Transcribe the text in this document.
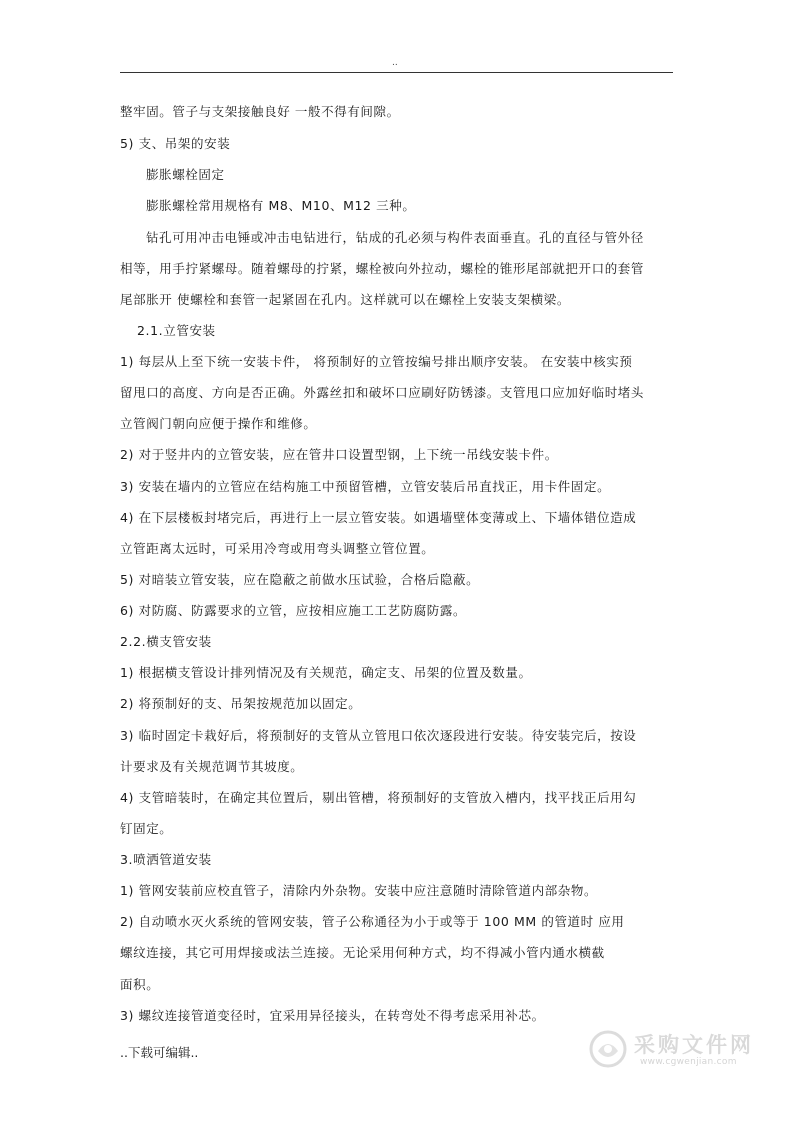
..
整牢固。管子与支架接触良好 一般不得有间隙。
5) 支、吊架的安装
膨胀螺栓固定
膨胀螺栓常用规格有 M8、M10、M12 三种。
钻孔可用冲击电锤或冲击电钻进行，钻成的孔必须与构件表面垂直。孔的直径与管外径
相等，用手拧紧螺母。随着螺母的拧紧，螺栓被向外拉动，螺栓的锥形尾部就把开口的套管
尾部胀开 使螺栓和套管一起紧固在孔内。这样就可以在螺栓上安装支架横梁。
2.1.立管安装
1) 每层从上至下统一安装卡件， 将预制好的立管按编号排出顺序安装。 在安装中核实预
留甩口的高度、方向是否正确。外露丝扣和破坏口应刷好防锈漆。支管甩口应加好临时堵头
立管阀门朝向应便于操作和维修。
2) 对于竖井内的立管安装，应在管井口设置型钢，上下统一吊线安装卡件。
3) 安装在墙内的立管应在结构施工中预留管槽，立管安装后吊直找正，用卡件固定。
4) 在下层楼板封堵完后，再进行上一层立管安装。如遇墙壁体变薄或上、下墙体错位造成
立管距离太远时，可采用冷弯或用弯头调整立管位置。
5) 对暗装立管安装，应在隐蔽之前做水压试验，合格后隐蔽。
6) 对防腐、防露要求的立管，应按相应施工工艺防腐防露。
2.2.横支管安装
1) 根据横支管设计排列情况及有关规范，确定支、吊架的位置及数量。
2) 将预制好的支、吊架按规范加以固定。
3) 临时固定卡栽好后，将预制好的支管从立管甩口依次逐段进行安装。待安装完后，按设
计要求及有关规范调节其坡度。
4) 支管暗装时，在确定其位置后，剔出管槽，将预制好的支管放入槽内，找平找正后用勾
钉固定。
3.喷洒管道安装
1) 管网安装前应校直管子，清除内外杂物。安装中应注意随时清除管道内部杂物。
2) 自动喷水灭火系统的管网安装，管子公称通径为小于或等于 100 MM 的管道时 应用
螺纹连接，其它可用焊接或法兰连接。无论采用何种方式，均不得减小管内通水横截
面积。
3) 螺纹连接管道变径时，宜采用异径接头，在转弯处不得考虑采用补芯。
..下载可编辑..	采购文件网
www.cgwenjian.com
